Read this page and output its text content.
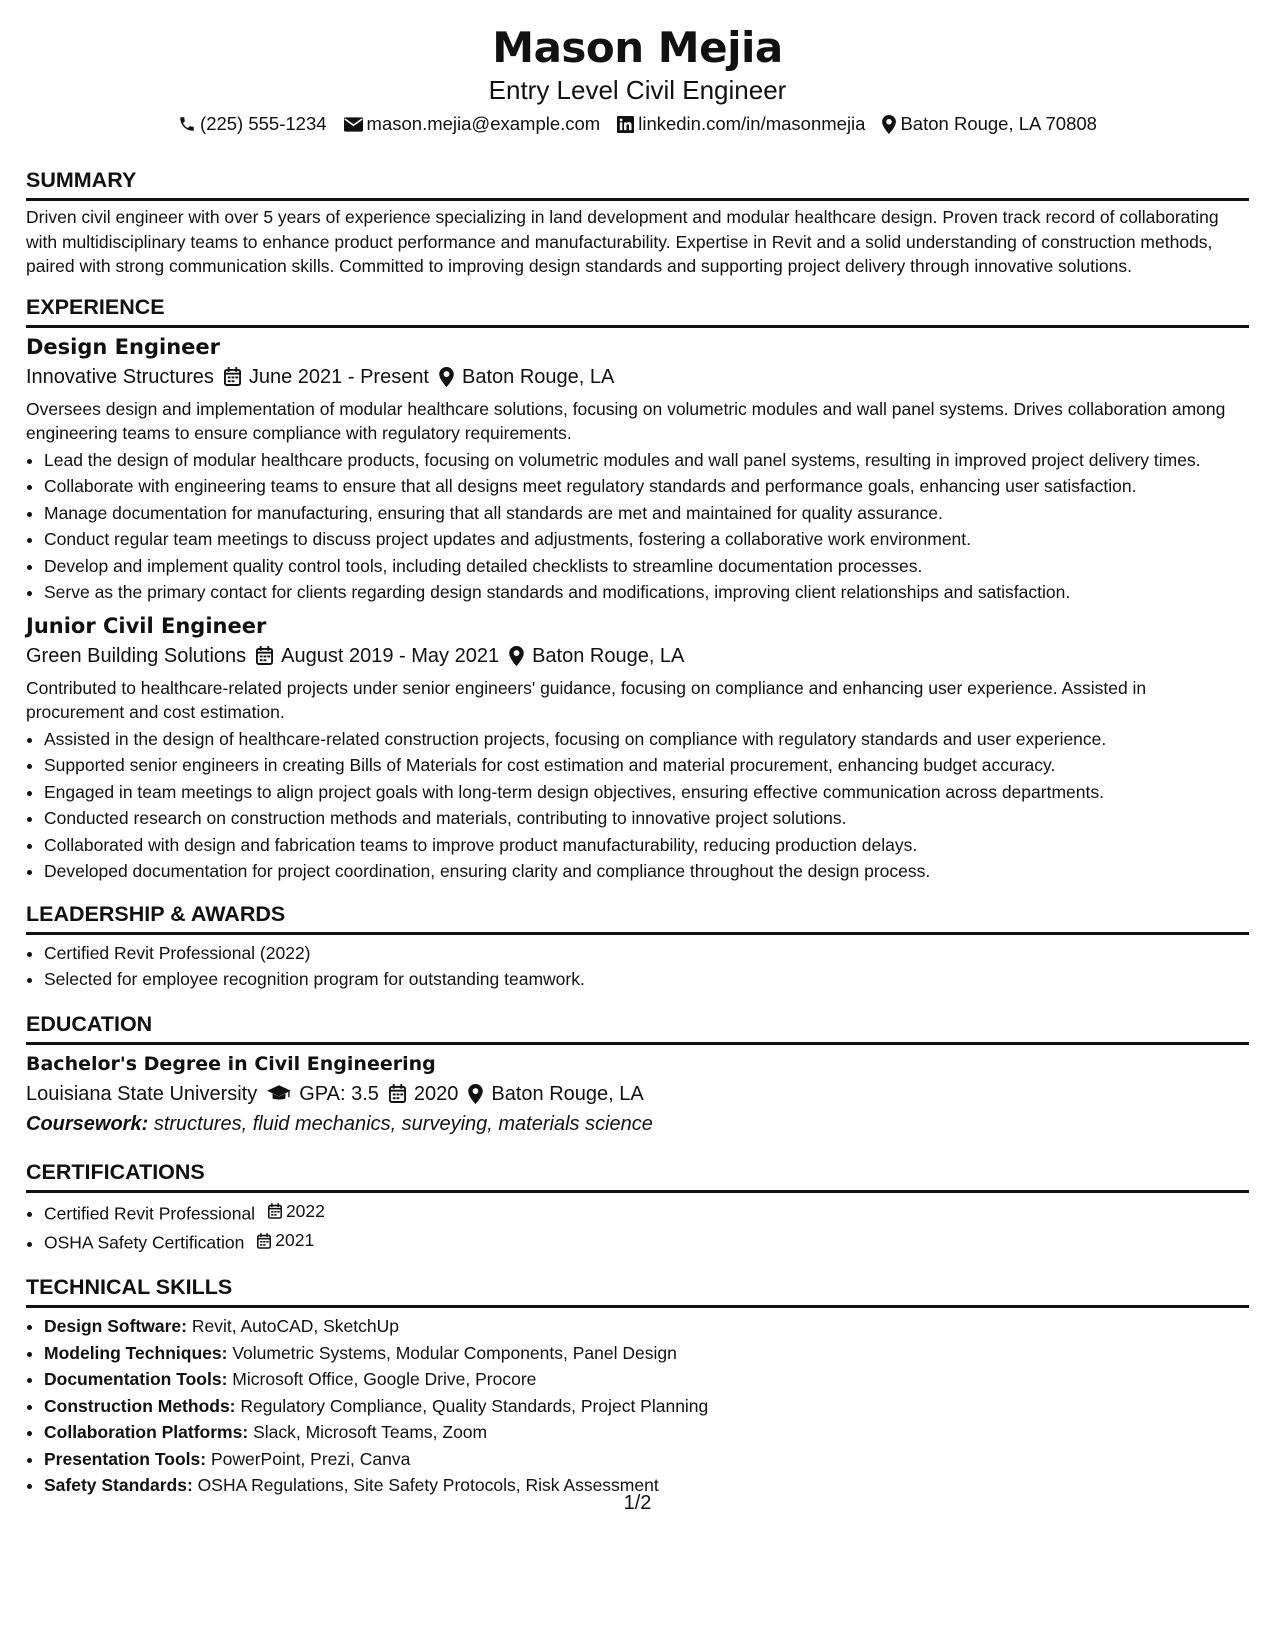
Mason Mejia
Entry Level Civil Engineer
(225) 555-1234 mason.mejia@example.com linkedin.com/in/masonmejia Baton Rouge, LA 70808
SUMMARY

Driven civil engineer with over 5 years of experience specializing in land development and modular healthcare design. Proven track record of collaborating with multidisciplinary teams to enhance product performance and manufacturability. Expertise in Revit and a solid understanding of construction methods, paired with strong communication skills. Committed to improving design standards and supporting project delivery through innovative solutions.

EXPERIENCE
Design Engineer
Innovative Structures June 2021 - Present Baton Rouge, LA

Oversees design and implementation of modular healthcare solutions, focusing on volumetric modules and wall panel systems. Drives collaboration among engineering teams to ensure compliance with regulatory requirements.

• Lead the design of modular healthcare products, focusing on volumetric modules and wall panel systems, resulting in improved project delivery times.
• Collaborate with engineering teams to ensure that all designs meet regulatory standards and performance goals, enhancing user satisfaction.
• Manage documentation for manufacturing, ensuring that all standards are met and maintained for quality assurance.
• Conduct regular team meetings to discuss project updates and adjustments, fostering a collaborative work environment.
• Develop and implement quality control tools, including detailed checklists to streamline documentation processes.
• Serve as the primary contact for clients regarding design standards and modifications, improving client relationships and satisfaction.
Junior Civil Engineer
Green Building Solutions August 2019 - May 2021 Baton Rouge, LA

Contributed to healthcare-related projects under senior engineers' guidance, focusing on compliance and enhancing user experience. Assisted in procurement and cost estimation.

• Assisted in the design of healthcare-related construction projects, focusing on compliance with regulatory standards and user experience.
• Supported senior engineers in creating Bills of Materials for cost estimation and material procurement, enhancing budget accuracy.
• Engaged in team meetings to align project goals with long-term design objectives, ensuring effective communication across departments.
• Conducted research on construction methods and materials, contributing to innovative project solutions.
• Collaborated with design and fabrication teams to improve product manufacturability, reducing production delays.
• Developed documentation for project coordination, ensuring clarity and compliance throughout the design process.
LEADERSHIP & AWARDS
• Certified Revit Professional (2022)
• Selected for employee recognition program for outstanding teamwork.
EDUCATION
Bachelor's Degree in Civil Engineering
Louisiana State University GPA: 3.5 2020 Baton Rouge, LA
Coursework: structures, fluid mechanics, surveying, materials science
CERTIFICATIONS
• Certified Revit Professional 2022
• OSHA Safety Certification 2021
TECHNICAL SKILLS
• Design Software: Revit, AutoCAD, SketchUp
• Modeling Techniques: Volumetric Systems, Modular Components, Panel Design
• Documentation Tools: Microsoft Office, Google Drive, Procore
• Construction Methods: Regulatory Compliance, Quality Standards, Project Planning
• Collaboration Platforms: Slack, Microsoft Teams, Zoom
• Presentation Tools: PowerPoint, Prezi, Canva
• Safety Standards: OSHA Regulations, Site Safety Protocols, Risk Assessment
1/2
